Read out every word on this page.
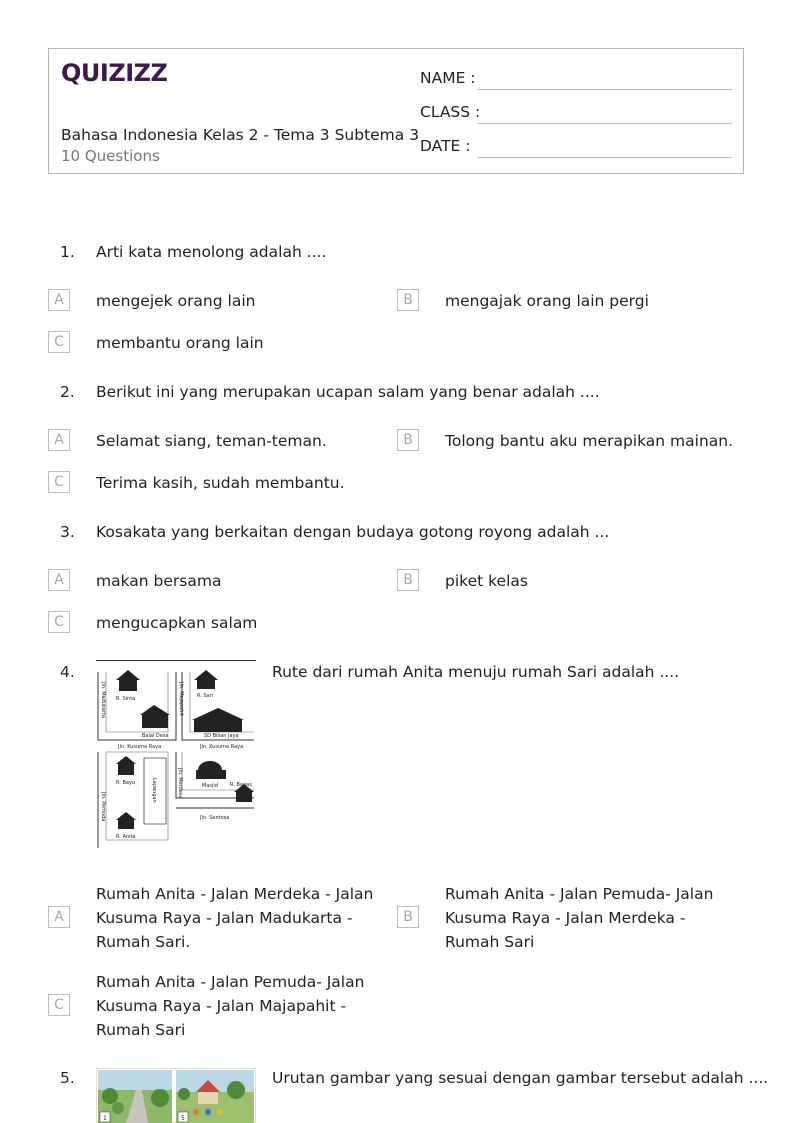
QUIZIZZ
Bahasa Indonesia Kelas 2 - Tema 3 Subtema 3
10 Questions
NAME :
CLASS :
DATE :
1. Arti kata menolong adalah ....
A	mengejek orang lain	B	mengajak orang lain pergi
C	membantu orang lain
2. Berikut ini yang merupakan ucapan salam yang benar adalah ....
A	Selamat siang, teman-teman.	B	Tolong bantu aku merapikan mainan.
C	Terima kasih, sudah membantu.
3. Kosakata yang berkaitan dengan budaya gotong royong adalah ...
A	makan bersama	B	piket kelas
C	mengucapkan salam
4.
R. Sinta	R. Sari
Balai Desa	SD Bilian Jaya
Jln. Kusuma Raya	Jln. Kusuma Raya
R. Bayu	Masjid R. Bagas
Jln. Sentosa
R. Anita
Jln. Madukarta	Jln. Majapahit
Jln. Pemuda
Lapangan	Jln. Merdeka
Rute dari rumah Anita menuju rumah Sari adalah ....
A
Rumah Anita - Jalan Merdeka - Jalan Kusuma Raya - Jalan Madukarta - Rumah Sari.
B
Rumah Anita - Jalan Pemuda- Jalan Kusuma Raya - Jalan Merdeka - Rumah Sari
C
Rumah Anita - Jalan Pemuda- Jalan Kusuma Raya - Jalan Majapahit - Rumah Sari
5.
1	5
Urutan gambar yang sesuai dengan gambar tersebut adalah ....
